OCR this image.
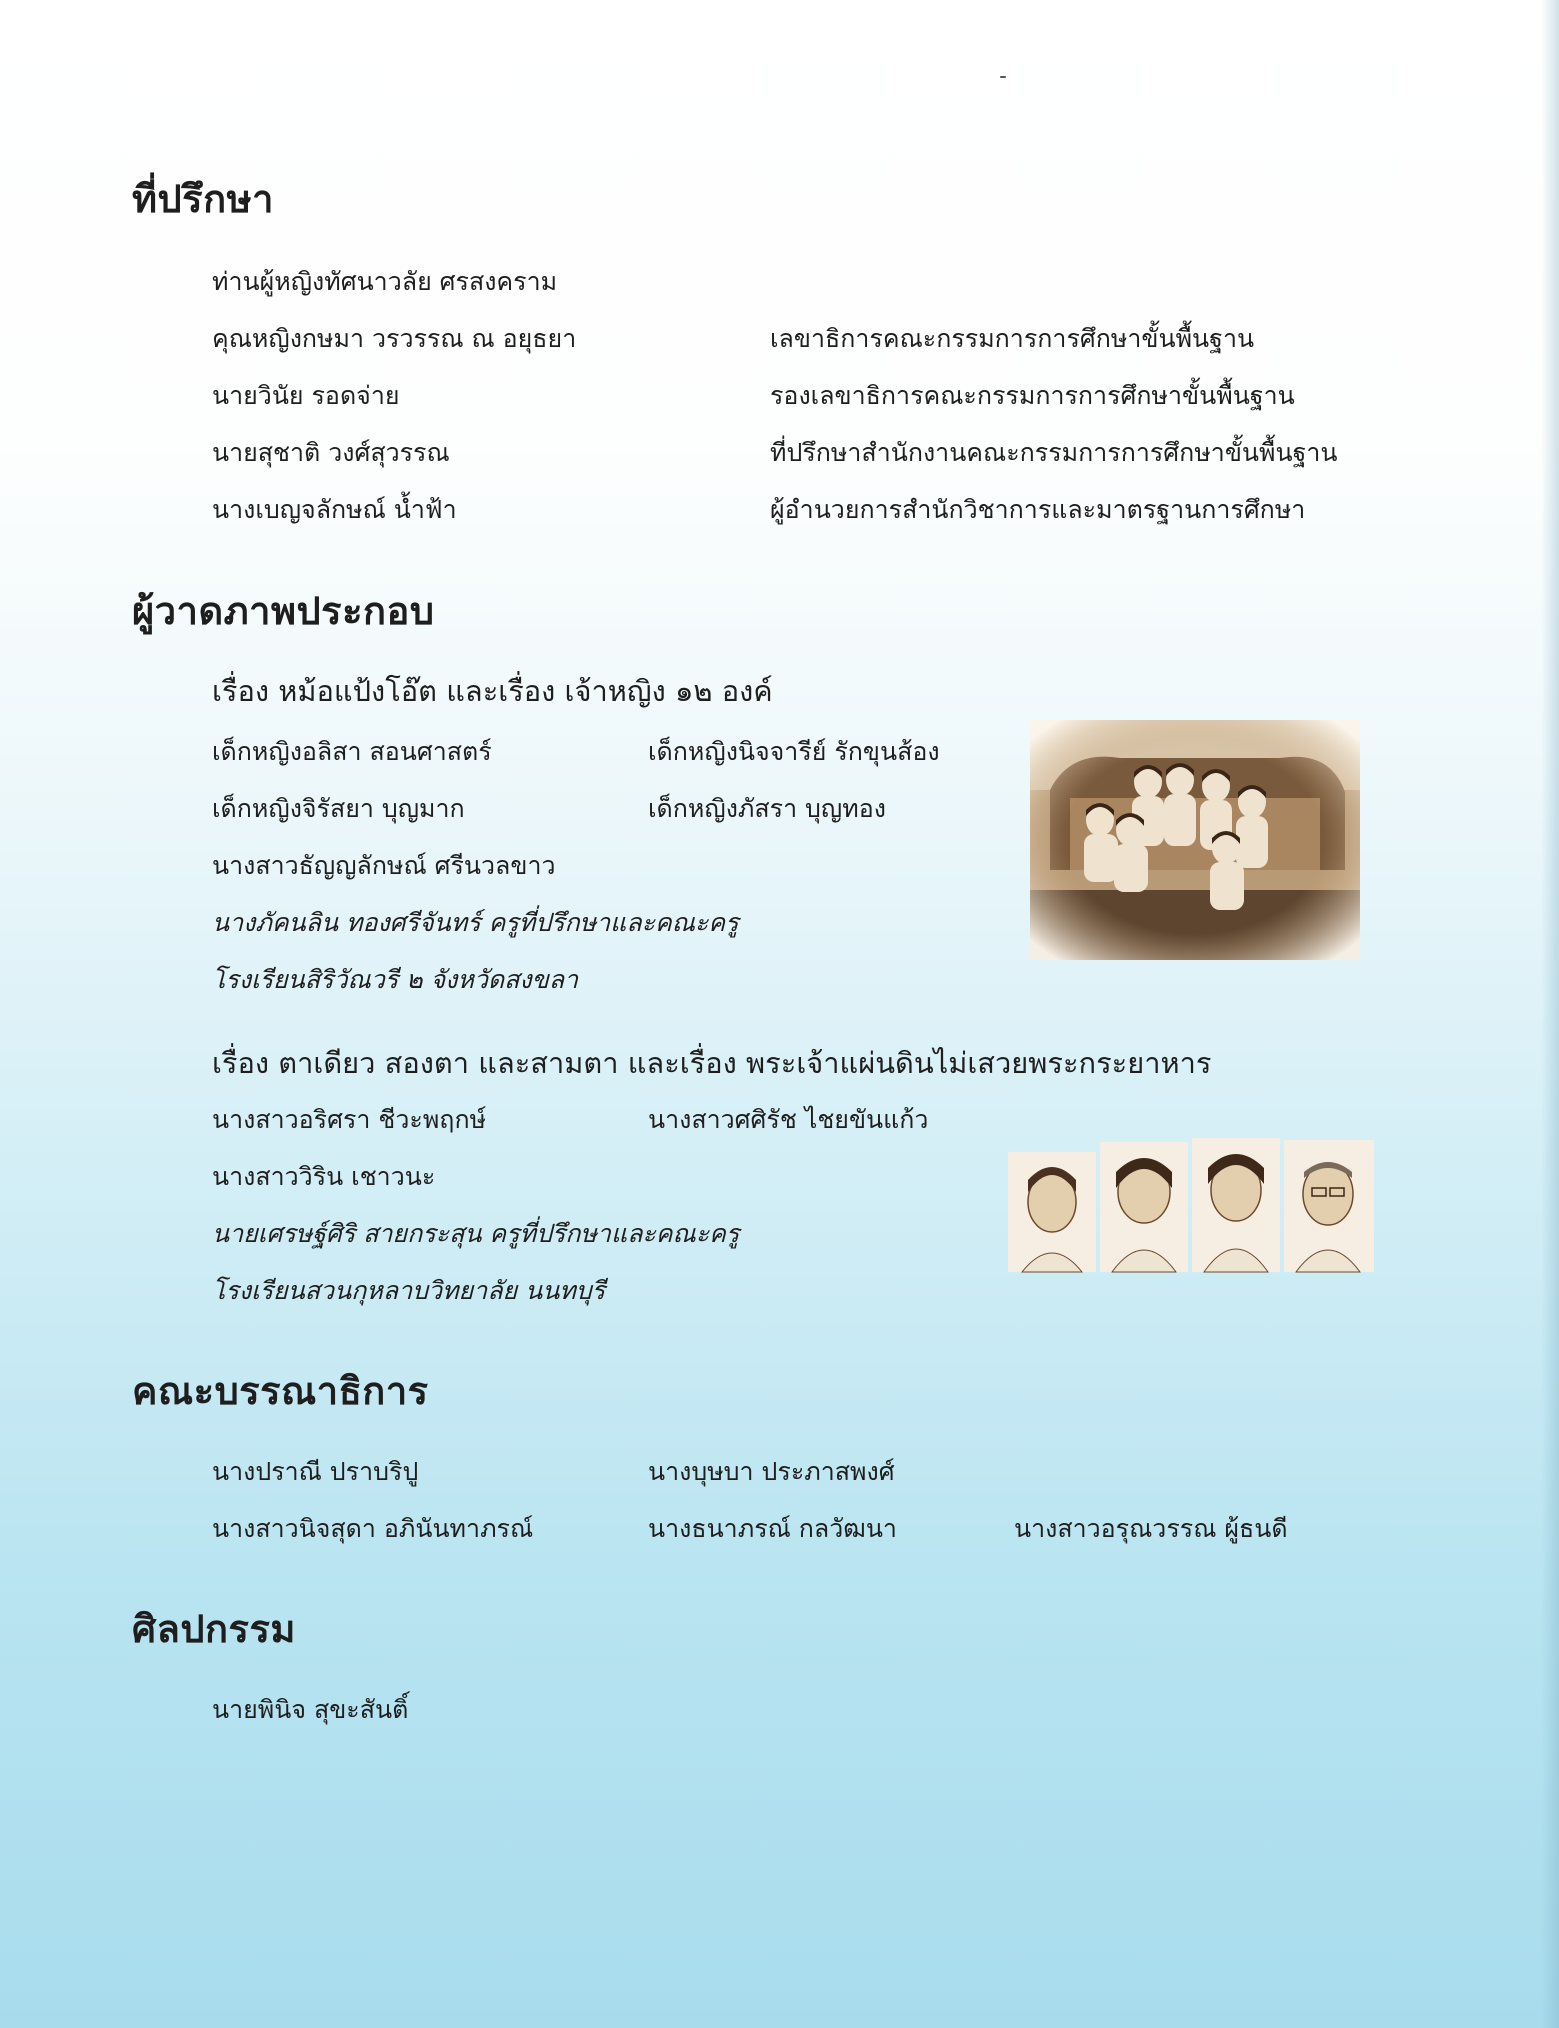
ที่ปรึกษา
ท่านผู้หญิงทัศนาวลัย ศรสงคราม
คุณหญิงกษมา วรวรรณ ณ อยุธยา	เลขาธิการคณะกรรมการการศึกษาขั้นพื้นฐาน
นายวินัย รอดจ่าย	รองเลขาธิการคณะกรรมการการศึกษาขั้นพื้นฐาน
นายสุชาติ วงศ์สุวรรณ	ที่ปรึกษาสำนักงานคณะกรรมการการศึกษาขั้นพื้นฐาน
นางเบญจลักษณ์ น้ำฟ้า	ผู้อำนวยการสำนักวิชาการและมาตรฐานการศึกษา
ผู้วาดภาพประกอบ
เรื่อง หม้อแป้งโอ๊ต และเรื่อง เจ้าหญิง ๑๒ องค์
เด็กหญิงอลิสา สอนศาสตร์	เด็กหญิงนิจจารีย์ รักขุนส้อง
เด็กหญิงจิรัสยา บุญมาก	เด็กหญิงภัสรา บุญทอง
นางสาวธัญญลักษณ์ ศรีนวลขาว
นางภัคนลิน ทองศรีจันทร์ ครูที่ปรึกษาและคณะครู
โรงเรียนสิริวัณวรี ๒ จังหวัดสงขลา
เรื่อง ตาเดียว สองตา และสามตา และเรื่อง พระเจ้าแผ่นดินไม่เสวยพระกระยาหาร
นางสาวอริศรา ชีวะพฤกษ์	นางสาวศศิรัช ไชยขันแก้ว
นางสาววิริน เชาวนะ
นายเศรษฐ์ศิริ สายกระสุน ครูที่ปรึกษาและคณะครู
โรงเรียนสวนกุหลาบวิทยาลัย นนทบุรี
คณะบรรณาธิการ
นางปราณี ปราบริปู	นางบุษบา ประภาสพงศ์
นางสาวนิจสุดา อภินันทาภรณ์	นางธนาภรณ์ กลวัฒนา	นางสาวอรุณวรรณ ผู้ธนดี
ศิลปกรรม
นายพินิจ สุขะสันติ์
